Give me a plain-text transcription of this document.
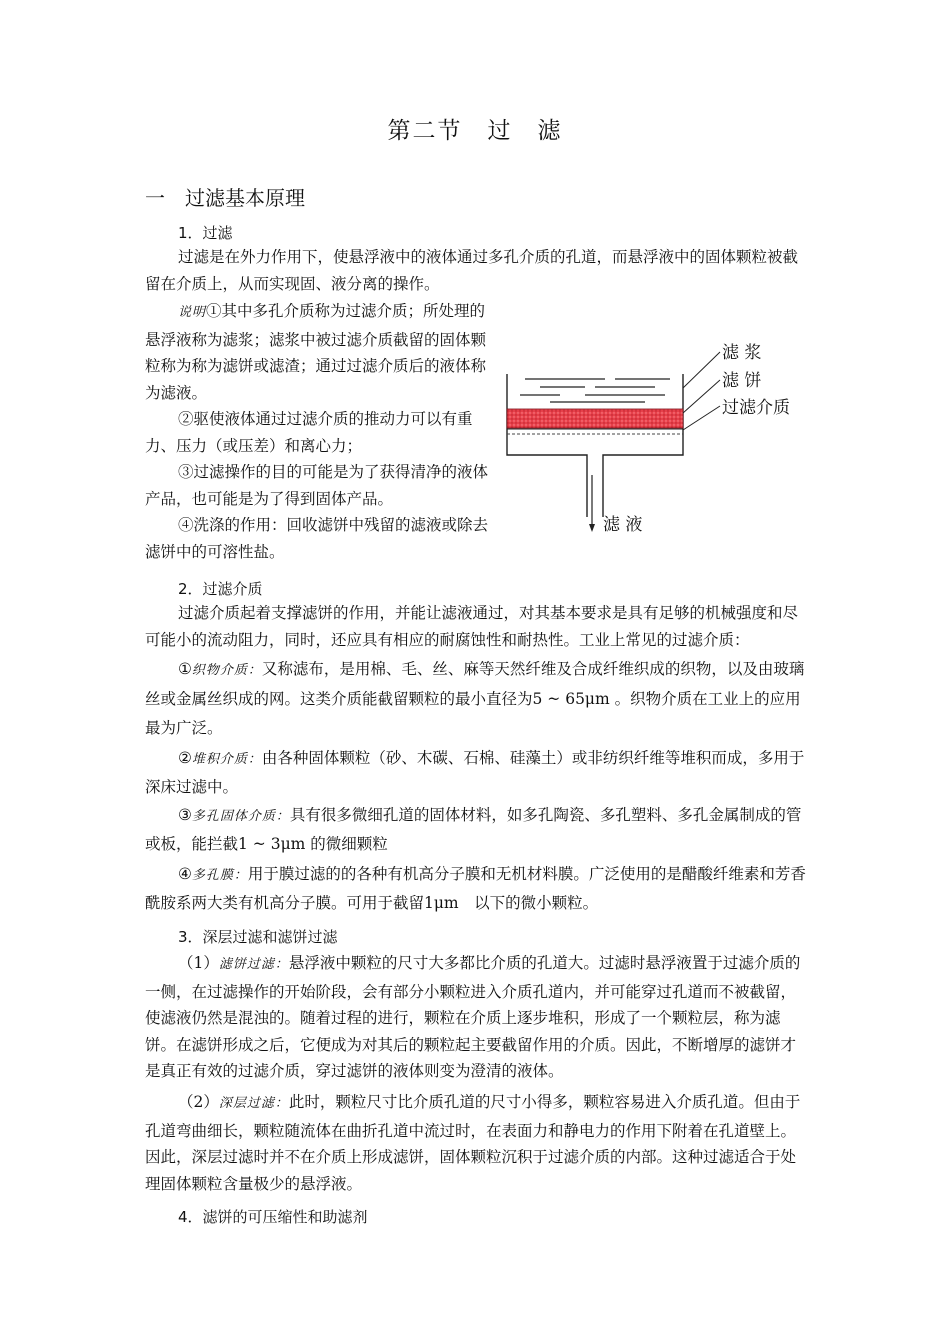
第二节　过　滤
一　过滤基本原理
1．过滤
过滤是在外力作用下，使悬浮液中的液体通过多孔介质的孔道，而悬浮液中的固体颗粒被截留在介质上，从而实现固、液分离的操作。
说明①其中多孔介质称为过滤介质；所处理的悬浮液称为滤浆；滤浆中被过滤介质截留的固体颗粒称为称为滤饼或滤渣；通过过滤介质后的液体称为滤液。
②驱使液体通过过滤介质的推动力可以有重力、压力（或压差）和离心力；
③过滤操作的目的可能是为了获得清净的液体产品，也可能是为了得到固体产品。
④洗涤的作用：回收滤饼中残留的滤液或除去滤饼中的可溶性盐。
滤 浆
滤 饼
过滤介质
滤 液
2．过滤介质
过滤介质起着支撑滤饼的作用，并能让滤液通过，对其基本要求是具有足够的机械强度和尽可能小的流动阻力，同时，还应具有相应的耐腐蚀性和耐热性。工业上常见的过滤介质：
①织物介质：又称滤布，是用棉、毛、丝、麻等天然纤维及合成纤维织成的织物，以及由玻璃丝或金属丝织成的网。这类介质能截留颗粒的最小直径为5 ~ 65μm 。织物介质在工业上的应用最为广泛。
②堆积介质：由各种固体颗粒（砂、木碳、石棉、硅藻土）或非纺织纤维等堆积而成，多用于深床过滤中。
③多孔固体介质：具有很多微细孔道的固体材料，如多孔陶瓷、多孔塑料、多孔金属制成的管或板，能拦截1 ~ 3μm 的微细颗粒
④多孔膜：用于膜过滤的的各种有机高分子膜和无机材料膜。广泛使用的是醋酸纤维素和芳香酰胺系两大类有机高分子膜。可用于截留1μm　以下的微小颗粒。
3．深层过滤和滤饼过滤
（1）滤饼过滤：悬浮液中颗粒的尺寸大多都比介质的孔道大。过滤时悬浮液置于过滤介质的一侧，在过滤操作的开始阶段，会有部分小颗粒进入介质孔道内，并可能穿过孔道而不被截留，使滤液仍然是混浊的。随着过程的进行，颗粒在介质上逐步堆积，形成了一个颗粒层，称为滤饼。在滤饼形成之后，它便成为对其后的颗粒起主要截留作用的介质。因此，不断增厚的滤饼才是真正有效的过滤介质，穿过滤饼的液体则变为澄清的液体。
（2）深层过滤：此时，颗粒尺寸比介质孔道的尺寸小得多，颗粒容易进入介质孔道。但由于孔道弯曲细长，颗粒随流体在曲折孔道中流过时，在表面力和静电力的作用下附着在孔道壁上。因此，深层过滤时并不在介质上形成滤饼，固体颗粒沉积于过滤介质的内部。这种过滤适合于处理固体颗粒含量极少的悬浮液。
4．滤饼的可压缩性和助滤剂
